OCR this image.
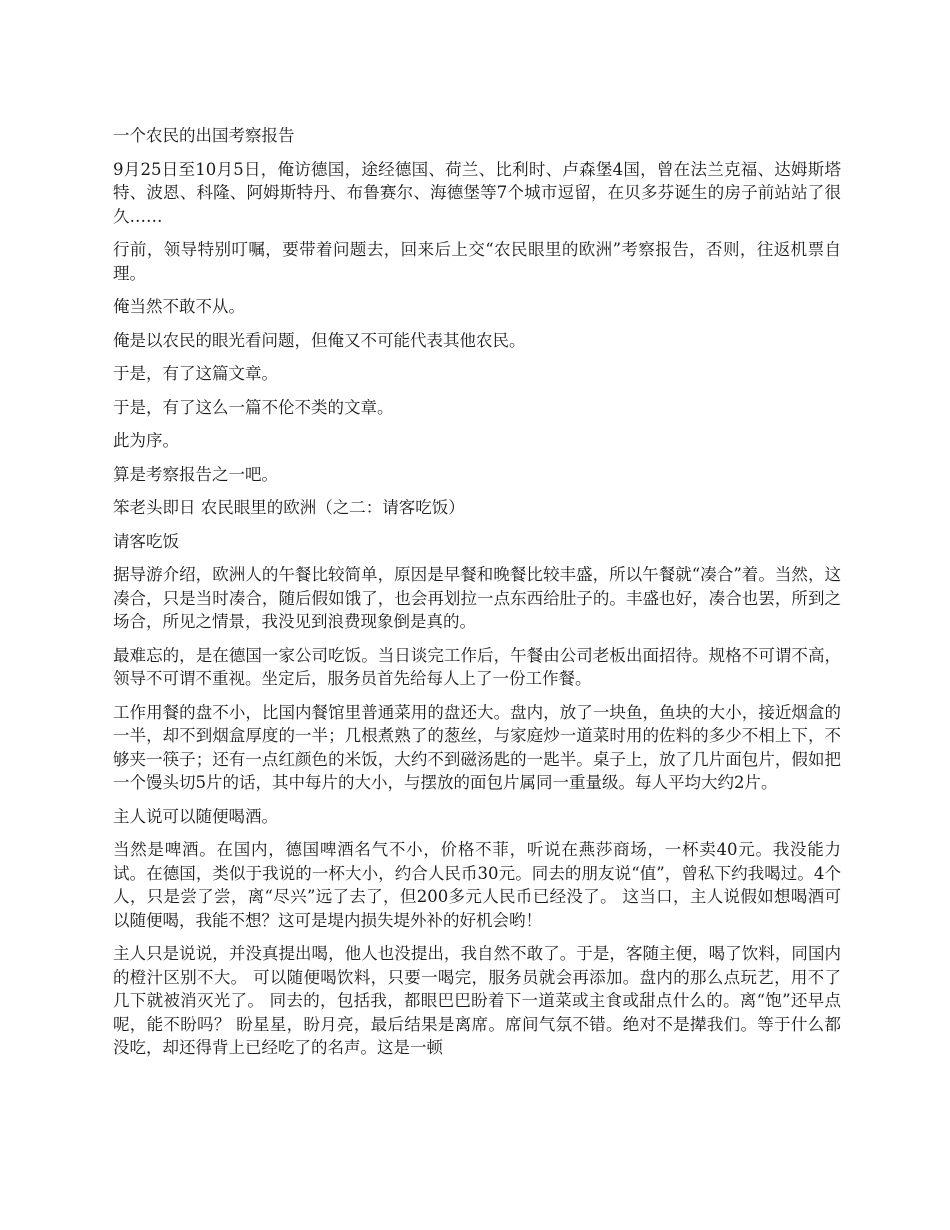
一个农民的出国考察报告

9月25日至10月5日，俺访德国，途经德国、荷兰、比利时、卢森堡4国，曾在法兰克福、达姆斯塔特、波恩、科隆、阿姆斯特丹、布鲁赛尔、海德堡等7个城市逗留，在贝多芬诞生的房子前站站了很久……

行前，领导特别叮嘱，要带着问题去，回来后上交“农民眼里的欧洲”考察报告，否则，往返机票自理。

俺当然不敢不从。

俺是以农民的眼光看问题，但俺又不可能代表其他农民。

于是，有了这篇文章。

于是，有了这么一篇不伦不类的文章。

此为序。

算是考察报告之一吧。

笨老头即日 农民眼里的欧洲（之二：请客吃饭）

请客吃饭

据导游介绍，欧洲人的午餐比较简单，原因是早餐和晚餐比较丰盛，所以午餐就“凑合”着。当然，这凑合，只是当时凑合，随后假如饿了，也会再划拉一点东西给肚子的。丰盛也好，凑合也罢，所到之场合，所见之情景，我没见到浪费现象倒是真的。

最难忘的，是在德国一家公司吃饭。当日谈完工作后，午餐由公司老板出面招待。规格不可谓不高，领导不可谓不重视。坐定后，服务员首先给每人上了一份工作餐。

工作用餐的盘不小，比国内餐馆里普通菜用的盘还大。盘内，放了一块鱼，鱼块的大小，接近烟盒的一半，却不到烟盒厚度的一半；几根煮熟了的葱丝，与家庭炒一道菜时用的佐料的多少不相上下，不够夹一筷子；还有一点红颜色的米饭，大约不到磁汤匙的一匙半。桌子上，放了几片面包片，假如把一个馒头切5片的话，其中每片的大小，与摆放的面包片属同一重量级。每人平均大约2片。

主人说可以随便喝酒。

当然是啤酒。在国内，德国啤酒名气不小，价格不菲，听说在燕莎商场，一杯卖40元。我没能力试。在德国，类似于我说的一杯大小，约合人民币30元。同去的朋友说“值”，曾私下约我喝过。4个人，只是尝了尝，离“尽兴”远了去了，但200多元人民币已经没了。 这当口，主人说假如想喝酒可以随便喝，我能不想？这可是堤内损失堤外补的好机会哟！

主人只是说说，并没真提出喝，他人也没提出，我自然不敢了。于是，客随主便，喝了饮料，同国内的橙汁区别不大。 可以随便喝饮料，只要一喝完，服务员就会再添加。盘内的那么点玩艺，用不了几下就被消灭光了。 同去的，包括我，都眼巴巴盼着下一道菜或主食或甜点什么的。离“饱”还早点呢，能不盼吗？ 盼星星，盼月亮，最后结果是离席。席间气氛不错。绝对不是撵我们。等于什么都没吃，却还得背上已经吃了的名声。这是一顿
